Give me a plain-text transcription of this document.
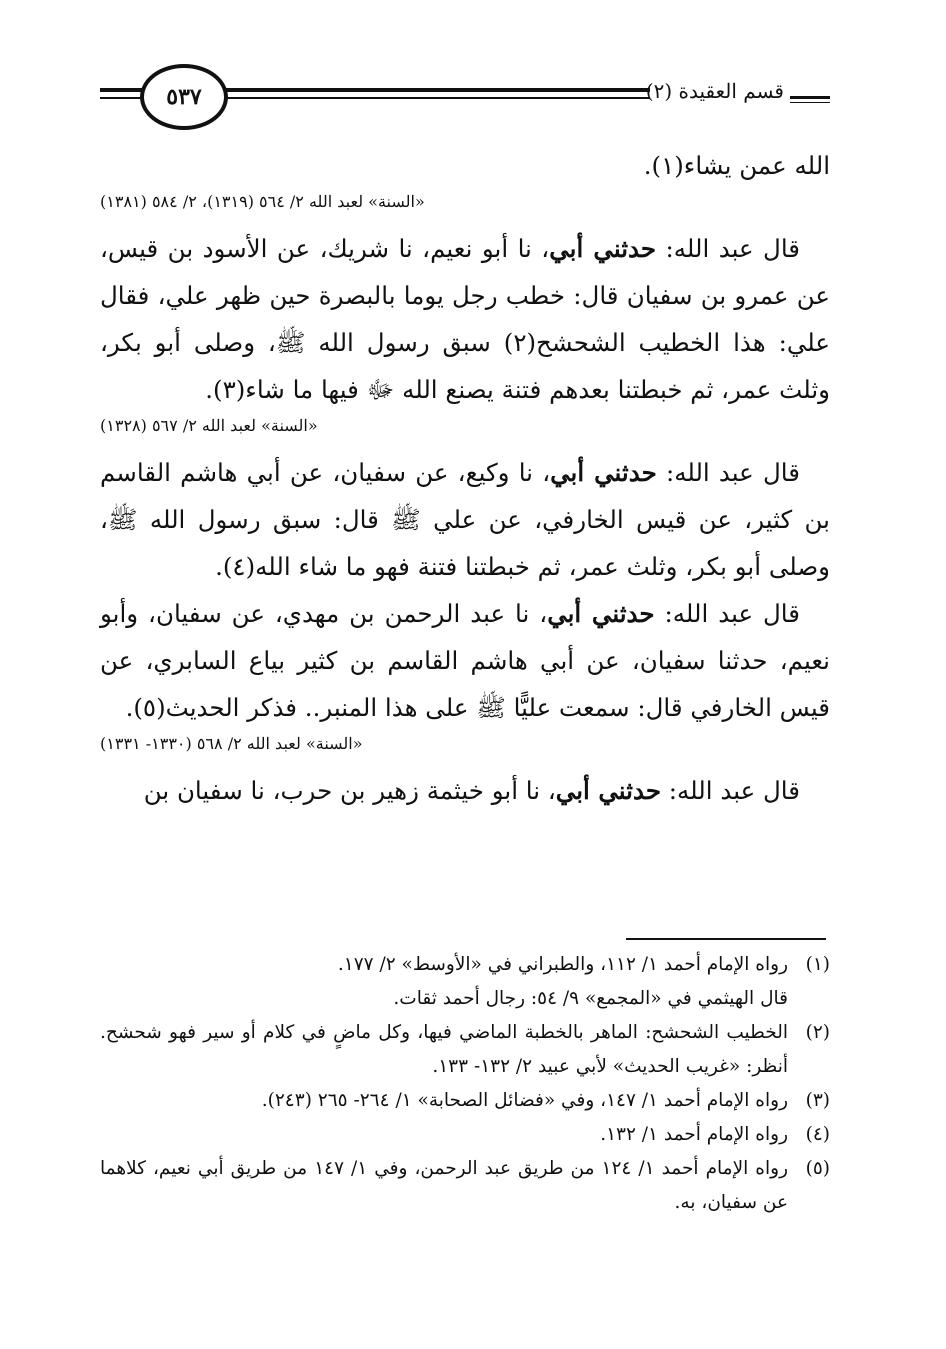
٥٣٧	قسم العقيدة (٢)
الله عمن يشاء(١).
«السنة» لعبد الله ٢/ ٥٦٤ (١٣١٩)، ٢/ ٥٨٤ (١٣٨١)
قال عبد الله: حدثني أبي، نا أبو نعيم، نا شريك، عن الأسود بن قيس، عن عمرو بن سفيان قال: خطب رجل يوما بالبصرة حين ظهر علي، فقال علي: هذا الخطيب الشحشح(٢) سبق رسول الله ﷺ، وصلى أبو بكر، وثلث عمر، ثم خبطتنا بعدهم فتنة يصنع الله ﷻ فيها ما شاء(٣).
«السنة» لعبد الله ٢/ ٥٦٧ (١٣٢٨)
قال عبد الله: حدثني أبي، نا وكيع، عن سفيان، عن أبي هاشم القاسم بن كثير، عن قيس الخارفي، عن علي ﷺ قال: سبق رسول الله ﷺ، وصلى أبو بكر، وثلث عمر، ثم خبطتنا فتنة فهو ما شاء الله(٤).
قال عبد الله: حدثني أبي، نا عبد الرحمن بن مهدي، عن سفيان، وأبو نعيم، حدثنا سفيان، عن أبي هاشم القاسم بن كثير بياع السابري، عن قيس الخارفي قال: سمعت عليًّا ﷺ على هذا المنبر.. فذكر الحديث(٥).
«السنة» لعبد الله ٢/ ٥٦٨ (١٣٣٠- ١٣٣١)
قال عبد الله: حدثني أبي، نا أبو خيثمة زهير بن حرب، نا سفيان بن
(١)
رواه الإمام أحمد ١/ ١١٢، والطبراني في «الأوسط» ٢/ ١٧٧.
قال الهيثمي في «المجمع» ٩/ ٥٤: رجال أحمد ثقات.
(٢)
الخطيب الشحشح: الماهر بالخطبة الماضي فيها، وكل ماضٍ في كلام أو سير فهو شحشح. أنظر: «غريب الحديث» لأبي عبيد ٢/ ١٣٢- ١٣٣.
(٣)
رواه الإمام أحمد ١/ ١٤٧، وفي «فضائل الصحابة» ١/ ٢٦٤- ٢٦٥ (٢٤٣).
(٤)
رواه الإمام أحمد ١/ ١٣٢.
(٥)
رواه الإمام أحمد ١/ ١٢٤ من طريق عبد الرحمن، وفي ١/ ١٤٧ من طريق أبي نعيم، كلاهما عن سفيان، به.
